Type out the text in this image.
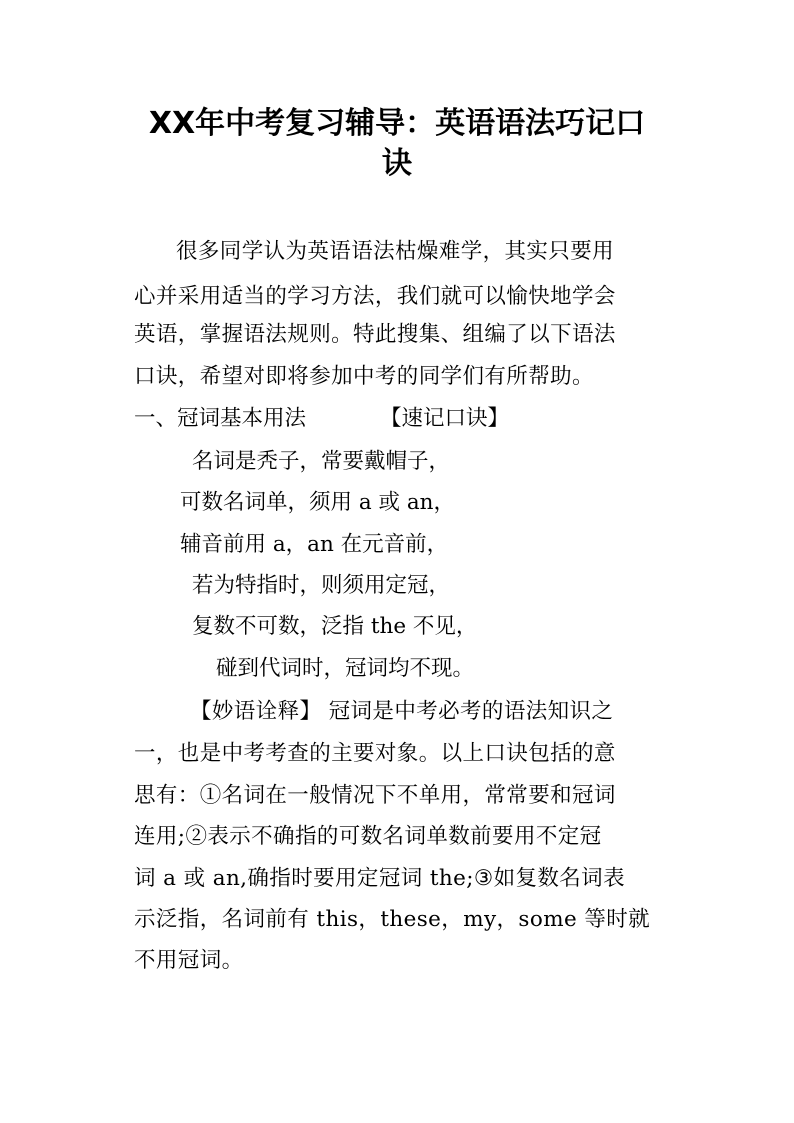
XX年中考复习辅导：英语语法巧记口
诀

很多同学认为英语语法枯燥难学，其实只要用

心并采用适当的学习方法，我们就可以愉快地学会

英语，掌握语法规则。特此搜集、组编了以下语法

口诀，希望对即将参加中考的同学们有所帮助。

一、冠词基本用法	【速记口诀】

名词是秃子，常要戴帽子，

可数名词单，须用 a 或 an，

辅音前用 a，an 在元音前，

若为特指时，则须用定冠，

复数不可数，泛指 the 不见，

碰到代词时，冠词均不现。

【妙语诠释】 冠词是中考必考的语法知识之

一，也是中考考查的主要对象。以上口诀包括的意

思有：①名词在一般情况下不单用，常常要和冠词

连用;②表示不确指的可数名词单数前要用不定冠

词 a 或 an,确指时要用定冠词 the;③如复数名词表

示泛指，名词前有 this，these，my，some 等时就

不用冠词。
